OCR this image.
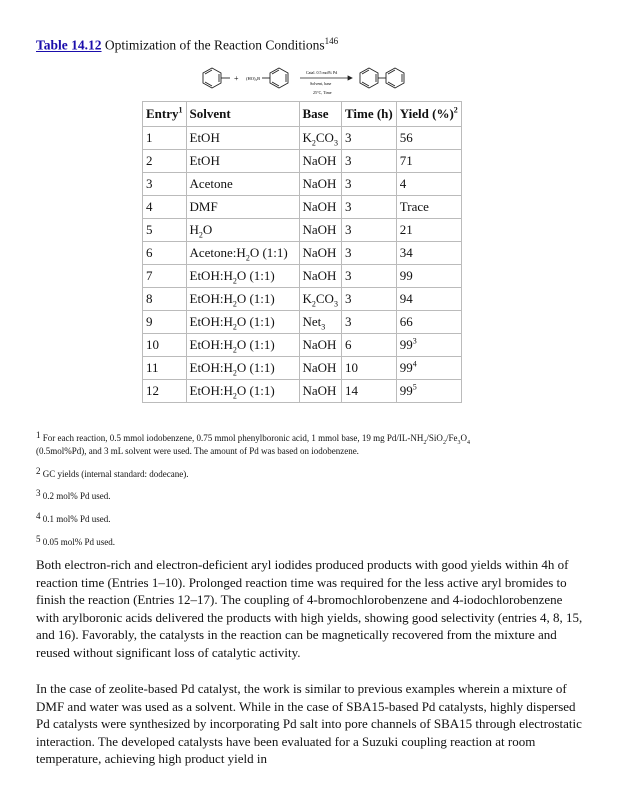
Table 14.12 Optimization of the Reaction Conditions$^{146}$
+ (HO)₂B
Catal. 0.5 mol% Pd
Solvent, base
25°C, Time
Entry$^1$	Solvent	Base	Time (h)	Yield (%)$^2$
1	EtOH	$K_2CO_3$	3	56
2	EtOH	NaOH	3	71
3	Acetone	NaOH	3	4
4	DMF	NaOH	3	Trace
5	$H_2O$	NaOH	3	21
6	$Acetone:H_2O$ (1:1)	NaOH	3	34
7	$EtOH:H_2O$ (1:1)	NaOH	3	99
8	$EtOH:H_2O$ (1:1)	$K_2CO_3$	3	94
9	$EtOH:H_2O$ (1:1)	Net$_3$	3	66
10	$EtOH:H_2O$ (1:1)	NaOH	6	$99^3$
11	$EtOH:H_2O$ (1:1)	NaOH	10	$99^4$
12	$EtOH:H_2O$ (1:1)	NaOH	14	$99^5$
1 For each reaction, 0.5 mmol iodobenzene, 0.75 mmol phenylboronic acid, 1 mmol base, 19 mg $Pd/IL-NH_2/SiO_2/Fe_3O_4$
(0.5mol%Pd), and 3 mL solvent were used. The amount of Pd was based on iodobenzene.
2 GC yields (internal standard: dodecane).
3 0.2 mol% Pd used.
4 0.1 mol% Pd used.
5 0.05 mol% Pd used.
Both electron-rich and electron-deficient aryl iodides produced products with good yields within 4h of reaction time (Entries 1–10). Prolonged reaction time was required for the less active aryl bromides to finish the reaction (Entries 12–17). The coupling of 4-bromochlorobenzene and 4-iodochlorobenzene with arylboronic acids delivered the products with high yields, showing good selectivity (entries 4, 8, 15, and 16). Favorably, the catalysts in the reaction can be magnetically recovered from the mixture and reused without significant loss of catalytic activity.
In the case of zeolite-based Pd catalyst, the work is similar to previous examples wherein a mixture of DMF and water was used as a solvent. While in the case of SBA15-based Pd catalysts, highly dispersed Pd catalysts were synthesized by incorporating Pd salt into pore channels of SBA15 through electrostatic interaction. The developed catalysts have been evaluated for a Suzuki coupling reaction at room temperature, achieving high product yield in
